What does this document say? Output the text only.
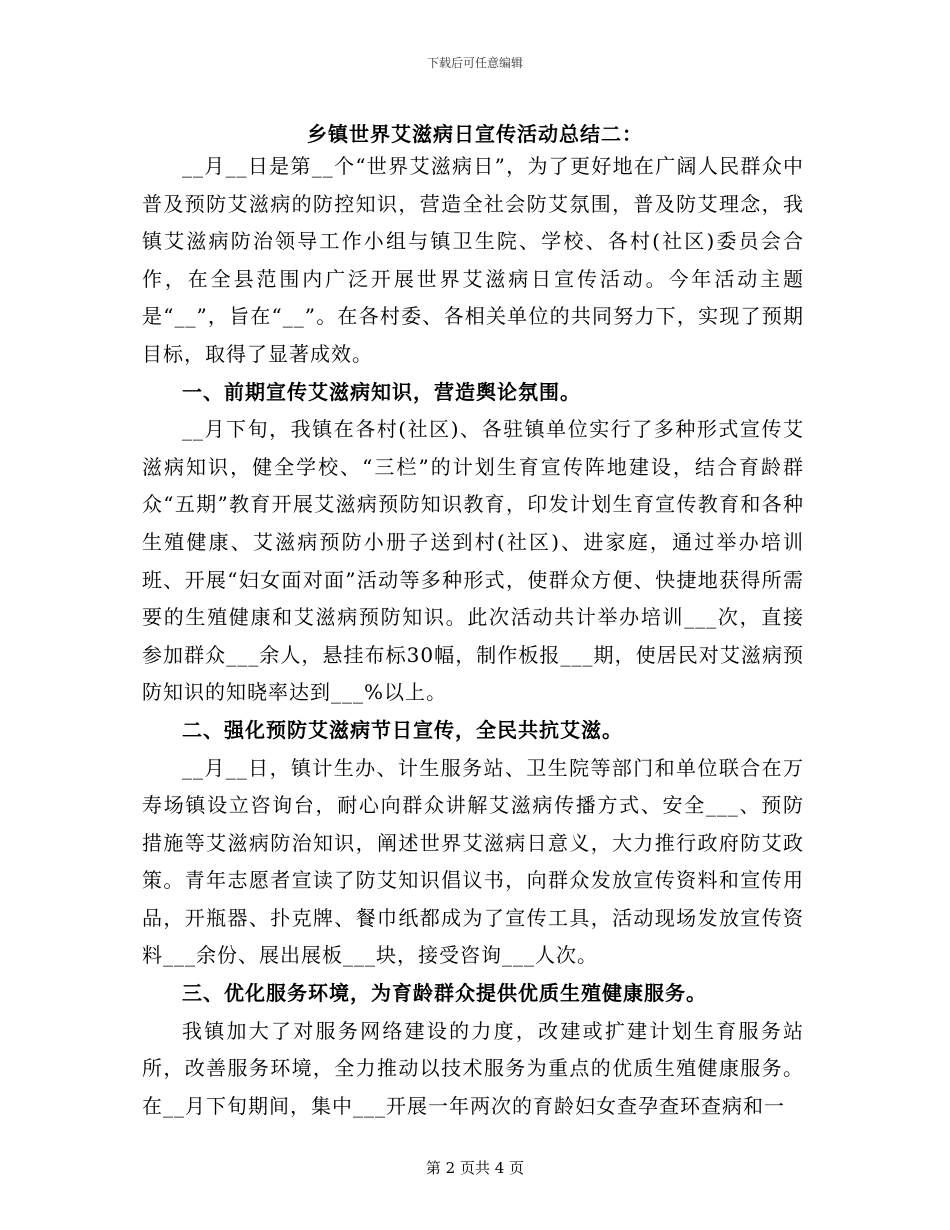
下载后可任意编辑
乡镇世界艾滋病日宣传活动总结二：

__月__日是第__个“世界艾滋病日”，为了更好地在广阔人民群众中普及预防艾滋病的防控知识，营造全社会防艾氛围，普及防艾理念，我镇艾滋病防治领导工作小组与镇卫生院、学校、各村(社区)委员会合作，在全县范围内广泛开展世界艾滋病日宣传活动。今年活动主题是“__”，旨在“__”。在各村委、各相关单位的共同努力下，实现了预期目标，取得了显著成效。

一、前期宣传艾滋病知识，营造舆论氛围。

__月下旬，我镇在各村(社区)、各驻镇单位实行了多种形式宣传艾滋病知识，健全学校、“三栏”的计划生育宣传阵地建设，结合育龄群众“五期”教育开展艾滋病预防知识教育，印发计划生育宣传教育和各种生殖健康、艾滋病预防小册子送到村(社区)、进家庭，通过举办培训班、开展“妇女面对面”活动等多种形式，使群众方便、快捷地获得所需要的生殖健康和艾滋病预防知识。此次活动共计举办培训___次，直接参加群众___余人，悬挂布标30幅，制作板报___期，使居民对艾滋病预防知识的知晓率达到___%以上。

二、强化预防艾滋病节日宣传，全民共抗艾滋。

__月__日，镇计生办、计生服务站、卫生院等部门和单位联合在万寿场镇设立咨询台，耐心向群众讲解艾滋病传播方式、安全___、预防措施等艾滋病防治知识，阐述世界艾滋病日意义，大力推行政府防艾政策。青年志愿者宣读了防艾知识倡议书，向群众发放宣传资料和宣传用品，开瓶器、扑克牌、餐巾纸都成为了宣传工具，活动现场发放宣传资料___余份、展出展板___块，接受咨询___人次。

三、优化服务环境，为育龄群众提供优质生殖健康服务。

我镇加大了对服务网络建设的力度，改建或扩建计划生育服务站所，改善服务环境，全力推动以技术服务为重点的优质生殖健康服务。在__月下旬期间，集中___开展一年两次的育龄妇女查孕查环查病和一

第 2 页共 4 页
